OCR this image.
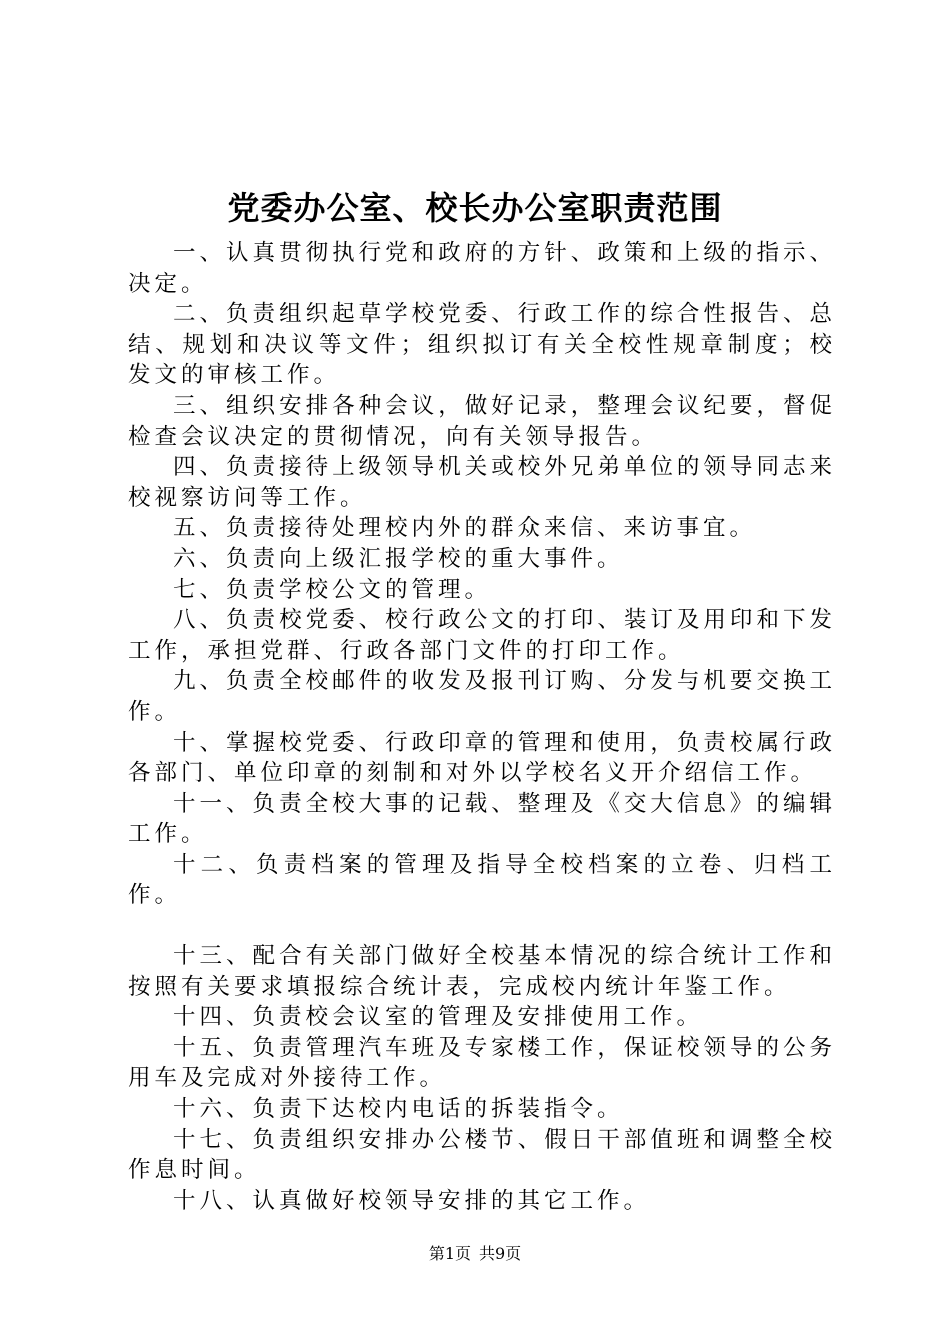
党委办公室、校长办公室职责范围

一、认真贯彻执行党和政府的方针、政策和上级的指示、决定。

二、负责组织起草学校党委、行政工作的综合性报告、总结、规划和决议等文件；组织拟订有关全校性规章制度；校发文的审核工作。

三、组织安排各种会议，做好记录，整理会议纪要，督促检查会议决定的贯彻情况，向有关领导报告。

四、负责接待上级领导机关或校外兄弟单位的领导同志来校视察访问等工作。

五、负责接待处理校内外的群众来信、来访事宜。

六、负责向上级汇报学校的重大事件。

七、负责学校公文的管理。

八、负责校党委、校行政公文的打印、装订及用印和下发工作，承担党群、行政各部门文件的打印工作。

九、负责全校邮件的收发及报刊订购、分发与机要交换工作。

十、掌握校党委、行政印章的管理和使用，负责校属行政各部门、单位印章的刻制和对外以学校名义开介绍信工作。

十一、负责全校大事的记载、整理及《交大信息》的编辑工作。

十二、负责档案的管理及指导全校档案的立卷、归档工作。

十三、配合有关部门做好全校基本情况的综合统计工作和按照有关要求填报综合统计表，完成校内统计年鉴工作。

十四、负责校会议室的管理及安排使用工作。

十五、负责管理汽车班及专家楼工作，保证校领导的公务用车及完成对外接待工作。

十六、负责下达校内电话的拆装指令。

十七、负责组织安排办公楼节、假日干部值班和调整全校作息时间。

十八、认真做好校领导安排的其它工作。

第1页 共9页
